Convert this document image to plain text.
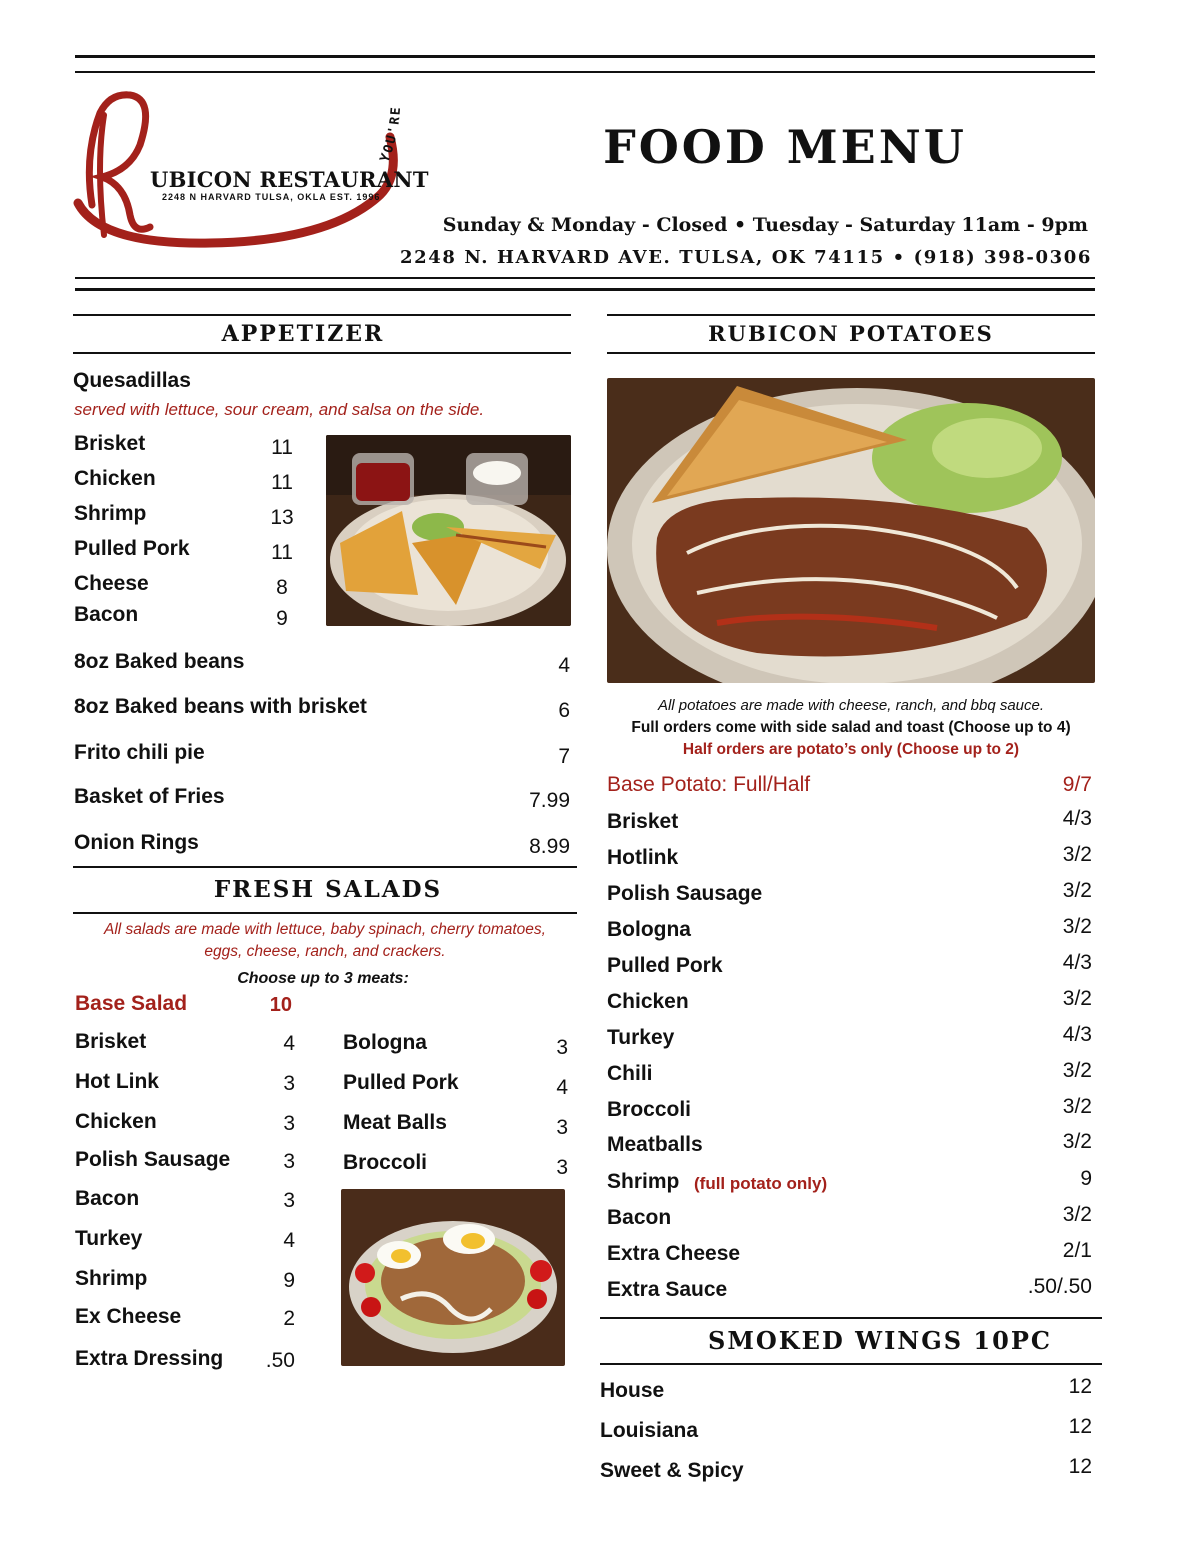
YOU'RE
UBICON RESTAURANT
2248 N HARVARD TULSA, OKLA EST. 1996
FOOD MENU
Sunday & Monday - Closed • Tuesday - Saturday 11am - 9pm
2248 N. HARVARD AVE. TULSA, OK 74115 • (918) 398-0306
APPETIZER
Quesadillas
served with lettuce, sour cream, and salsa on the side.
Brisket	11
Chicken	11
Shrimp	13
Pulled Pork	11
Cheese	8
Bacon	9
8oz Baked beans	4
8oz Baked beans with brisket	6
Frito chili pie	7
Basket of Fries	7.99
Onion Rings	8.99
FRESH SALADS
All salads are made with lettuce, baby spinach, cherry tomatoes,
eggs, cheese, ranch, and crackers.
Choose up to 3 meats:
Base Salad	10
Brisket	4
Hot Link	3
Chicken	3
Polish Sausage	3
Bacon	3
Turkey	4
Shrimp	9
Ex Cheese	2
Extra Dressing	.50
Bologna	3
Pulled Pork	4
Meat Balls	3
Broccoli	3
RUBICON POTATOES
All potatoes are made with cheese, ranch, and bbq sauce.
Full orders come with side salad and toast (Choose up to 4)
Half orders are potato’s only (Choose up to 2)
Base Potato: Full/Half	9/7
Brisket	4/3
Hotlink	3/2
Polish Sausage	3/2
Bologna	3/2
Pulled Pork	4/3
Chicken	3/2
Turkey	4/3
Chili	3/2
Broccoli	3/2
Meatballs	3/2
Shrimp (full potato only)	9
Bacon	3/2
Extra Cheese	2/1
Extra Sauce	.50/.50
SMOKED WINGS 10PC
House	12
Louisiana	12
Sweet & Spicy	12
